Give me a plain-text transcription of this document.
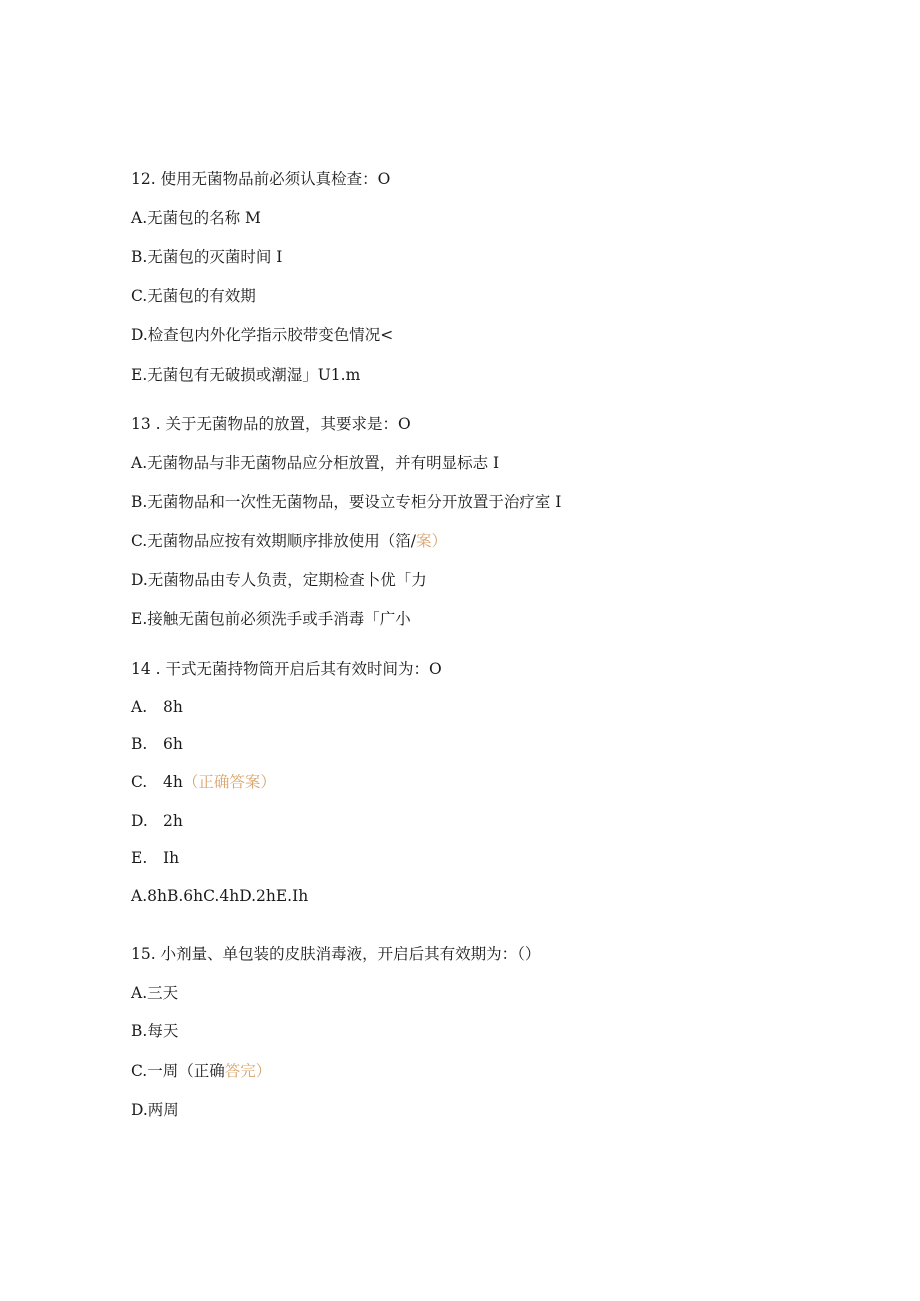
12. 使用无菌物品前必须认真检查：O
A.无菌包的名称 M
B.无菌包的灭菌时间 I
C.无菌包的有效期
D.检查包内外化学指示胶带变色情况<
E.无菌包有无破损或潮湿」U1.m
13 . 关于无菌物品的放置，其要求是：O
A.无菌物品与非无菌物品应分柜放置，并有明显标志 I
B.无菌物品和一次性无菌物品，要设立专柜分开放置于治疗室 I
C.无菌物品应按有效期顺序排放使用（箔/案）
D.无菌物品由专人负责，定期检查卜优「力
E.接触无菌包前必须洗手或手消毒「广小
14 . 干式无菌持物筒开启后其有效时间为：O
A. 8h
B. 6h
C. 4h（正确答案）
D. 2h
E. Ih
A.8hB.6hC.4hD.2hE.Ih
15. 小剂量、单包装的皮肤消毒液，开启后其有效期为：（）
A.三天
B.每天
C.一周（正确答完）
D.两周
